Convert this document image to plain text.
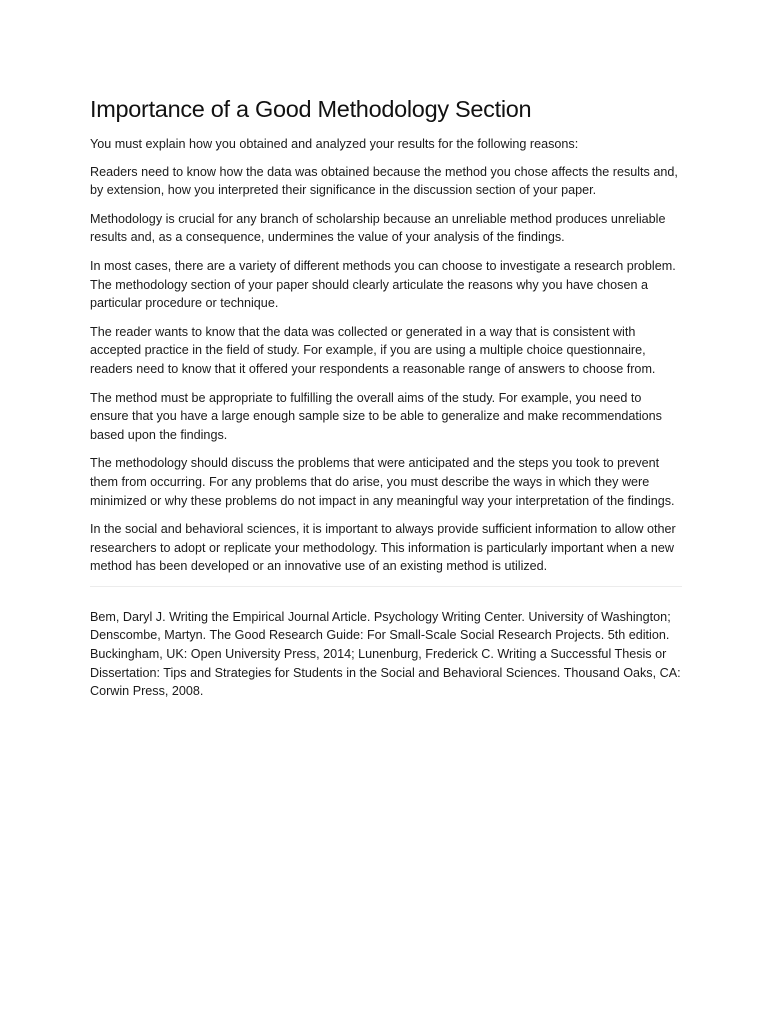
Importance of a Good Methodology Section

You must explain how you obtained and analyzed your results for the following reasons:

Readers need to know how the data was obtained because the method you chose affects the results and, by extension, how you interpreted their significance in the discussion section of your paper.

Methodology is crucial for any branch of scholarship because an unreliable method produces unreliable results and, as a consequence, undermines the value of your analysis of the findings.

In most cases, there are a variety of different methods you can choose to investigate a research problem. The methodology section of your paper should clearly articulate the reasons why you have chosen a particular procedure or technique.

The reader wants to know that the data was collected or generated in a way that is consistent with accepted practice in the field of study. For example, if you are using a multiple choice questionnaire, readers need to know that it offered your respondents a reasonable range of answers to choose from.

The method must be appropriate to fulfilling the overall aims of the study. For example, you need to ensure that you have a large enough sample size to be able to generalize and make recommendations based upon the findings.

The methodology should discuss the problems that were anticipated and the steps you took to prevent them from occurring. For any problems that do arise, you must describe the ways in which they were minimized or why these problems do not impact in any meaningful way your interpretation of the findings.

In the social and behavioral sciences, it is important to always provide sufficient information to allow other researchers to adopt or replicate your methodology. This information is particularly important when a new method has been developed or an innovative use of an existing method is utilized.

Bem, Daryl J. Writing the Empirical Journal Article. Psychology Writing Center. University of Washington; Denscombe, Martyn. The Good Research Guide: For Small-Scale Social Research Projects. 5th edition. Buckingham, UK: Open University Press, 2014; Lunenburg, Frederick C. Writing a Successful Thesis or Dissertation: Tips and Strategies for Students in the Social and Behavioral Sciences. Thousand Oaks, CA: Corwin Press, 2008.
